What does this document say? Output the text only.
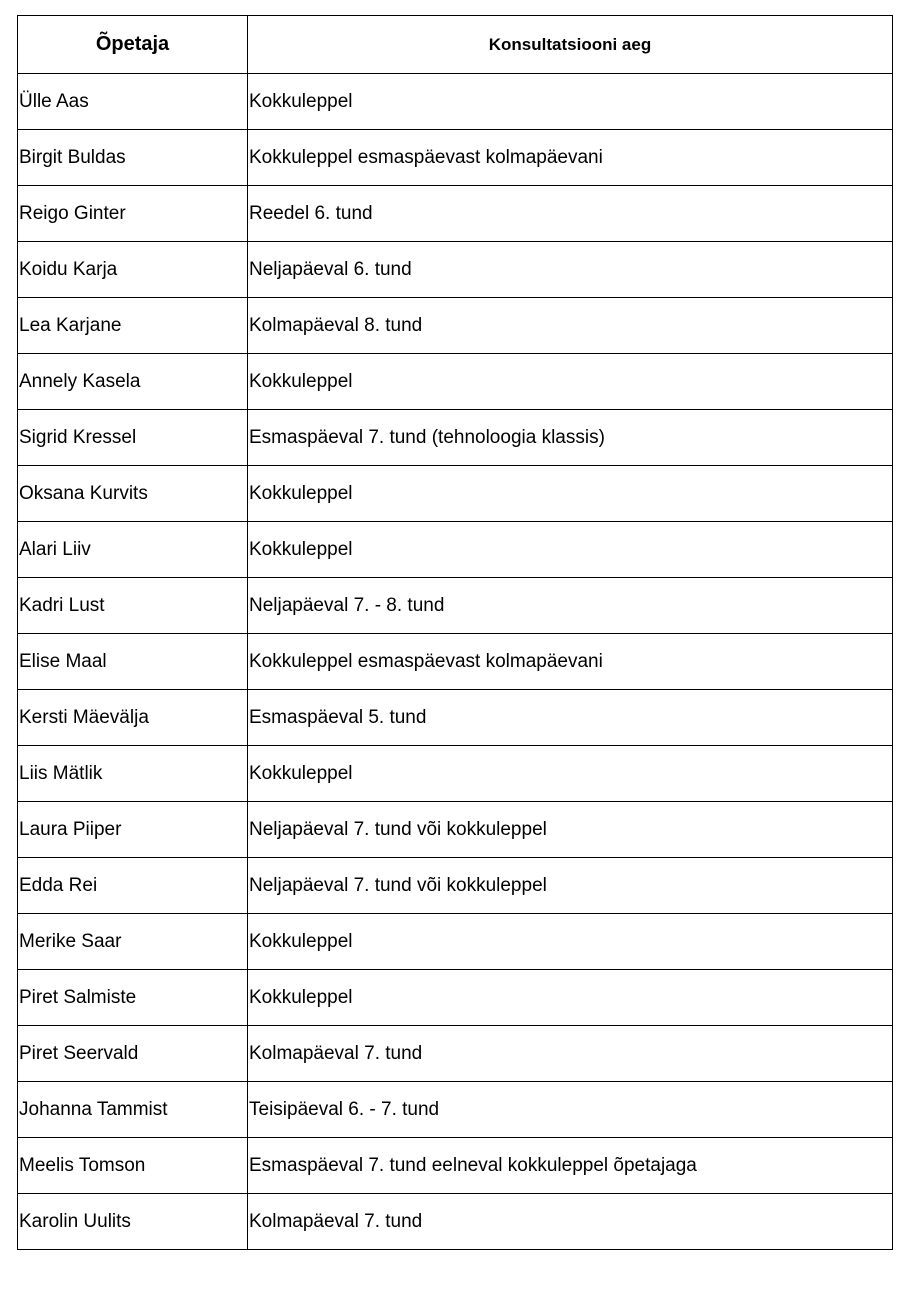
Õpetaja	Konsultatsiooni aeg
Ülle Aas	Kokkuleppel
Birgit Buldas	Kokkuleppel esmaspäevast kolmapäevani
Reigo Ginter	Reedel 6. tund
Koidu Karja	Neljapäeval 6. tund
Lea Karjane	Kolmapäeval 8. tund
Annely Kasela	Kokkuleppel
Sigrid Kressel	Esmaspäeval 7. tund (tehnoloogia klassis)
Oksana Kurvits	Kokkuleppel
Alari Liiv	Kokkuleppel
Kadri Lust	Neljapäeval 7. - 8. tund
Elise Maal	Kokkuleppel esmaspäevast kolmapäevani
Kersti Mäevälja	Esmaspäeval 5. tund
Liis Mätlik	Kokkuleppel
Laura Piiper	Neljapäeval 7. tund või kokkuleppel
Edda Rei	Neljapäeval 7. tund või kokkuleppel
Merike Saar	Kokkuleppel
Piret Salmiste	Kokkuleppel
Piret Seervald	Kolmapäeval 7. tund
Johanna Tammist	Teisipäeval 6. - 7. tund
Meelis Tomson	Esmaspäeval 7. tund eelneval kokkuleppel õpetajaga
Karolin Uulits	Kolmapäeval 7. tund
